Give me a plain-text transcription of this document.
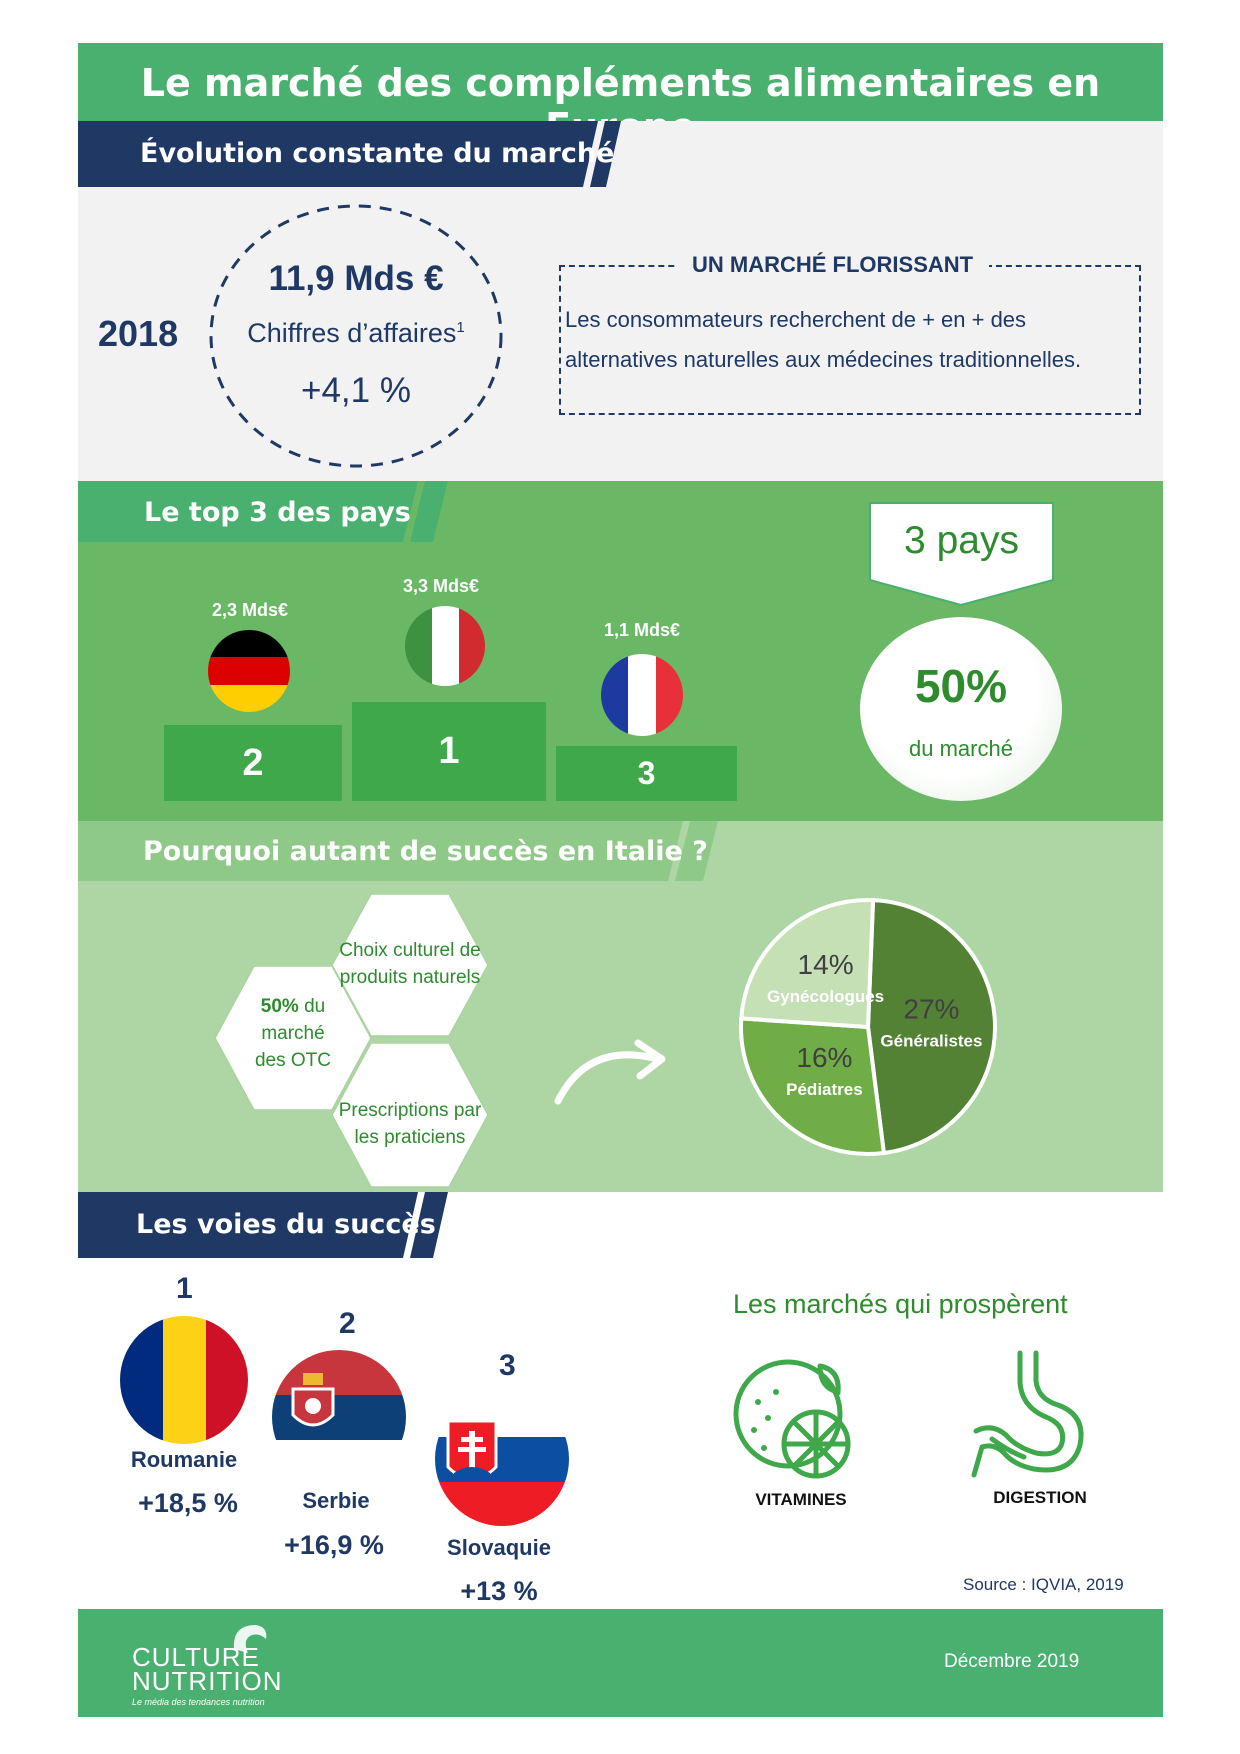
Le marché des compléments alimentaires en
Évolution constante du marché
2018
11,9 Mds €
Chiffres d’affaires$^1$
+4,1 %
UN MARCHÉ FLORISSANT
Les consommateurs recherchent de + en + des
alternatives naturelles aux médecines traditionnelles.
Le top 3 des pays
2,3 Mds€
3,3 Mds€
1,1 Mds€
2	1
3
3 pays
50%
du marché
Pourquoi autant de succès en Italie ?
50% du
marché
des OTC
Choix culturel de
produits naturels
Prescriptions par
les praticiens
27%
Généralistes
16%
Pédiatres
14%
Gynécologues
Les voies du succès
1
2
3
Roumanie
+18,5 %	Serbie
+16,9 %	Slovaquie
+13 %
Les marchés qui prospèrent
VITAMINES	DIGESTION
Source : IQVIA, 2019
CULTURE
NUTRITION
Le média des tendances nutrition
Décembre 2019
